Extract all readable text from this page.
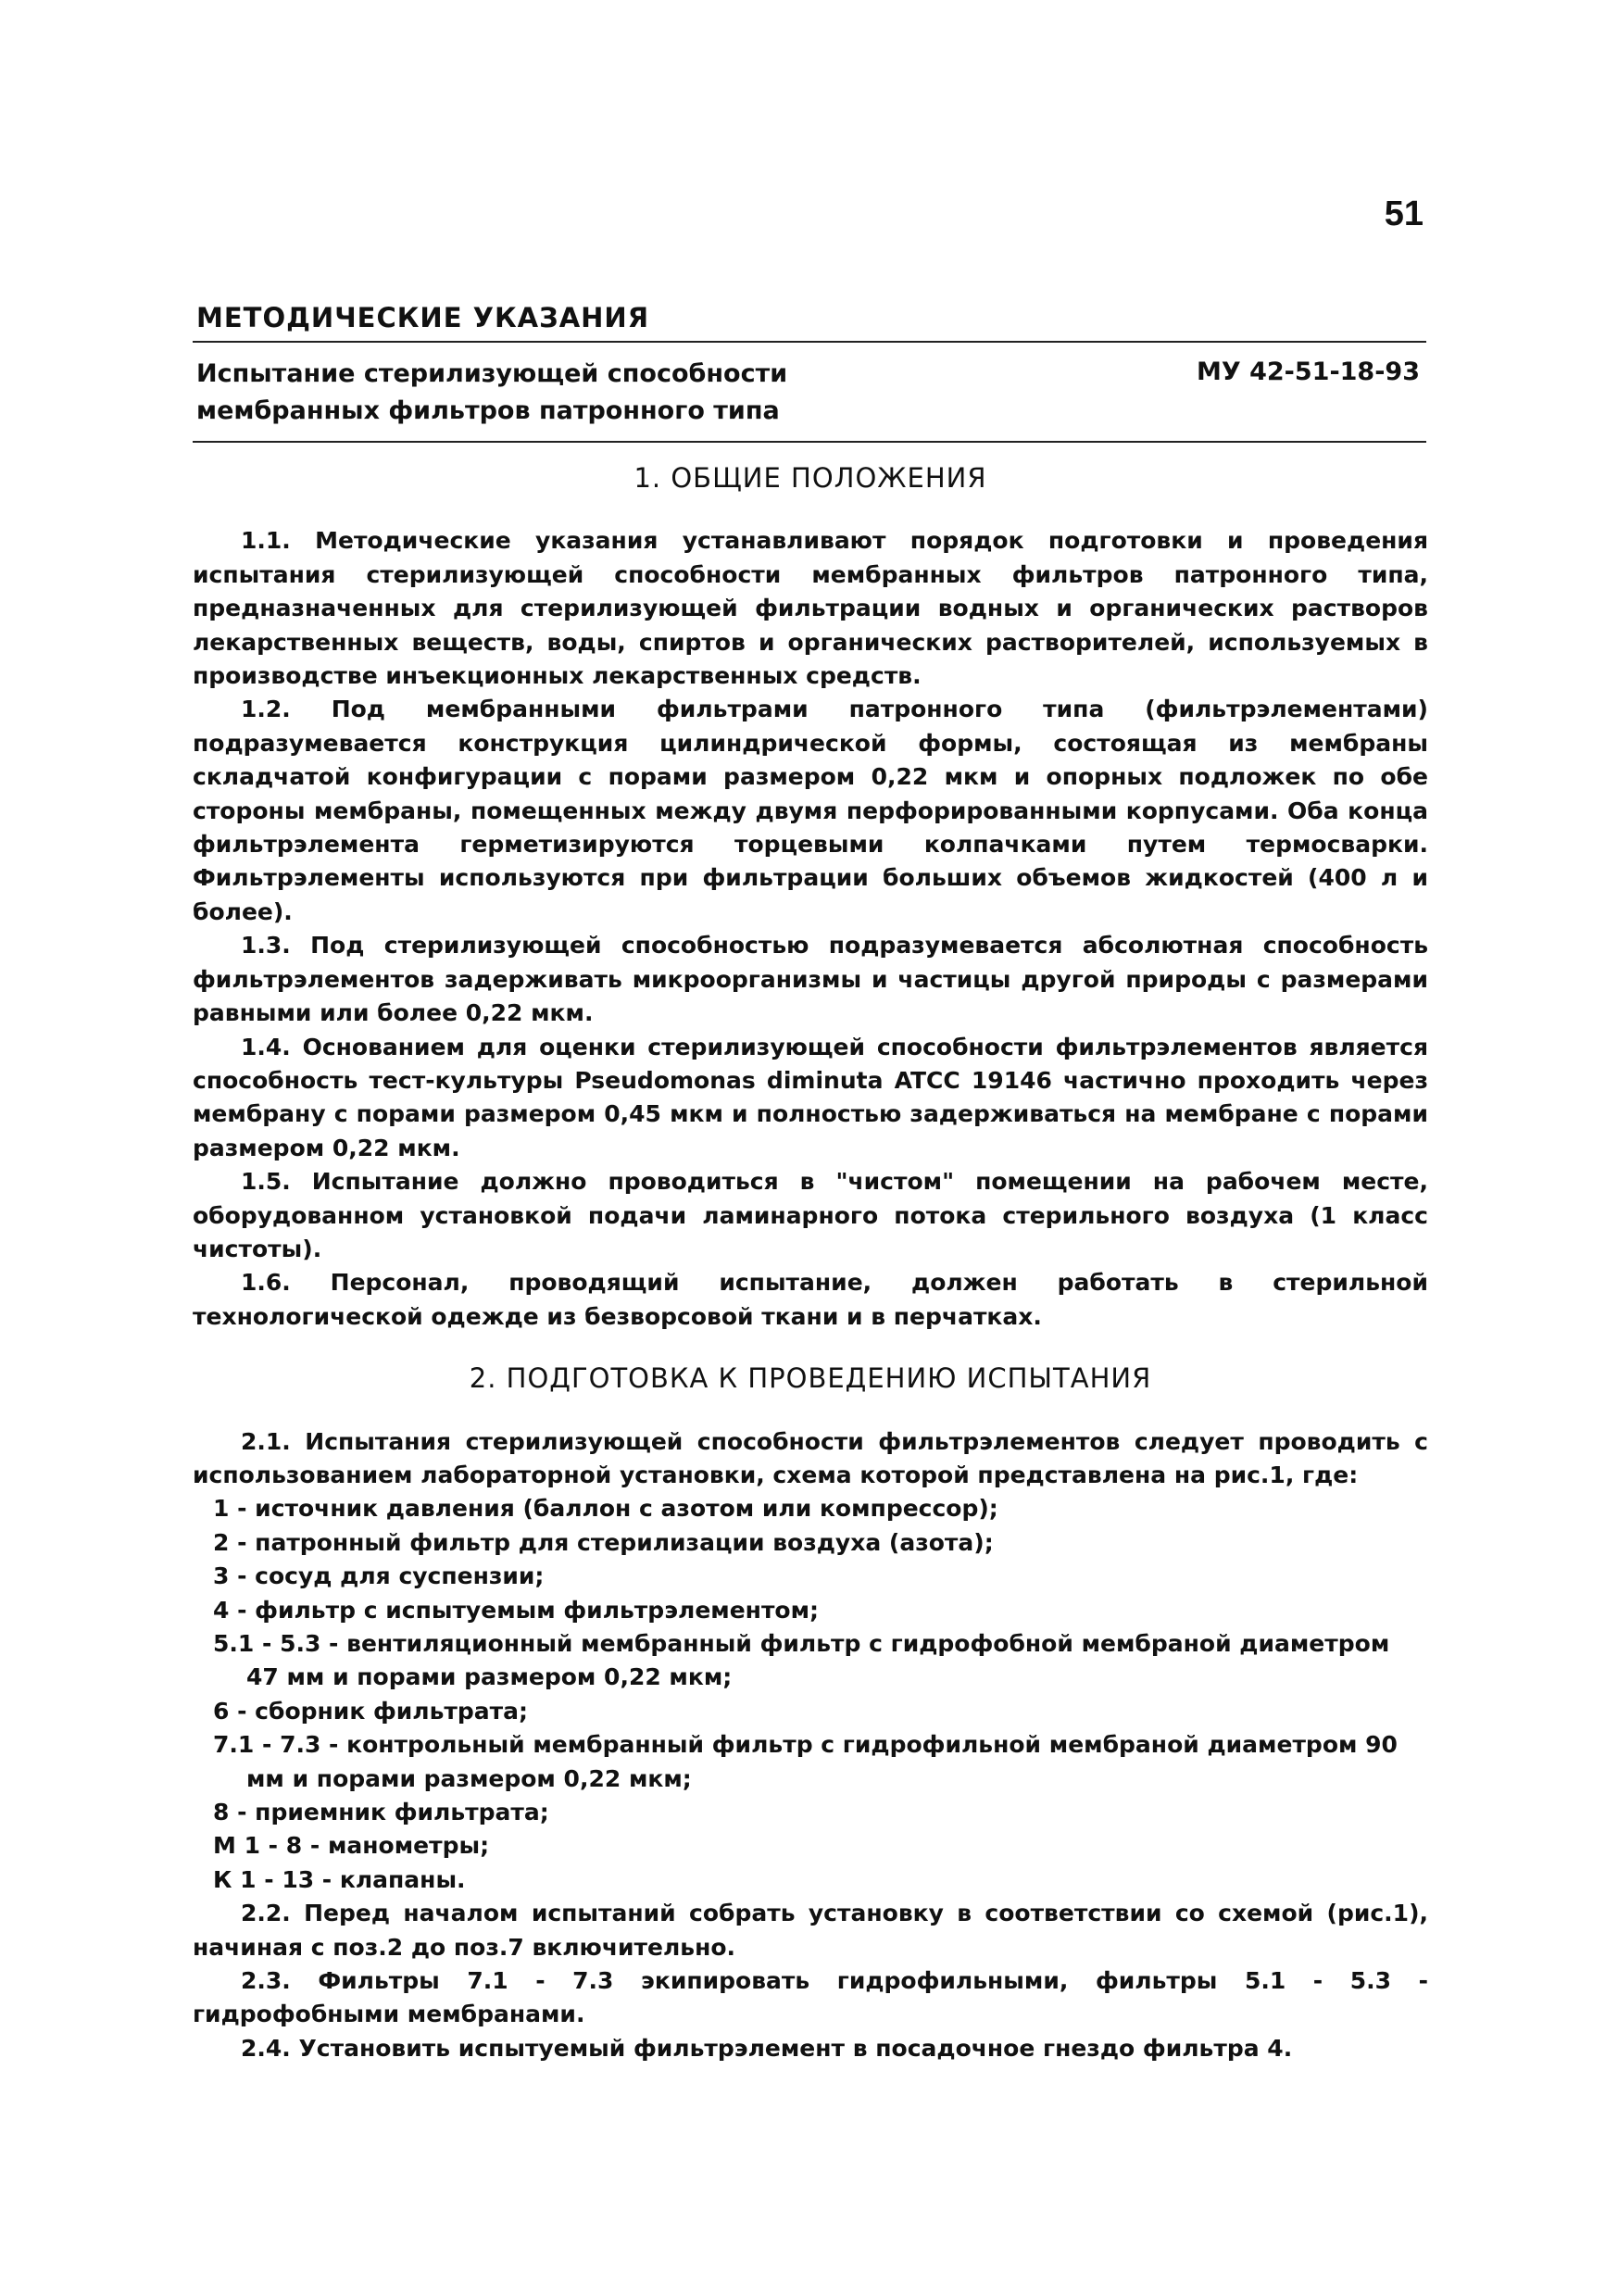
51
МЕТОДИЧЕСКИЕ УКАЗАНИЯ
Испытание стерилизующей способности
мембранных фильтров патронного типа
МУ 42-51-18-93
1. ОБЩИЕ ПОЛОЖЕНИЯ

1.1. Методические указания устанавливают порядок подготовки и проведения испытания стерилизующей способности мембранных фильтров патронного типа, предназначенных для стерилизующей фильтрации водных и органических растворов лекарственных веществ, воды, спиртов и органических растворителей, используемых в производстве инъекционных лекарственных средств.

1.2. Под мембранными фильтрами патронного типа (фильтрэлементами) подразумевается конструкция цилиндрической формы, состоящая из мембраны складчатой конфигурации с порами размером 0,22 мкм и опорных подложек по обе стороны мембраны, помещенных между двумя перфорированными корпусами. Оба конца фильтрэлемента герметизируются торцевыми колпачками путем термосварки. Фильтрэлементы используются при фильтрации больших объемов жидкостей (400 л и более).

1.3. Под стерилизующей способностью подразумевается абсолютная способность фильтрэлементов задерживать микроорганизмы и частицы другой природы с размерами равными или более 0,22 мкм.

1.4. Основанием для оценки стерилизующей способности фильтрэлементов является способность тест-культуры Pseudomonas diminuta ATCC 19146 частично проходить через мембрану с порами размером 0,45 мкм и полностью задерживаться на мембране с порами размером 0,22 мкм.

1.5. Испытание должно проводиться в "чистом" помещении на рабочем месте, оборудованном установкой подачи ламинарного потока стерильного воздуха (1 класс чистоты).

1.6. Персонал, проводящий испытание, должен работать в стерильной технологической одежде из безворсовой ткани и в перчатках.

2. ПОДГОТОВКА К ПРОВЕДЕНИЮ ИСПЫТАНИЯ

2.1. Испытания стерилизующей способности фильтрэлементов следует проводить с использованием лабораторной установки, схема которой представлена на рис.1, где:

1 - источник давления (баллон с азотом или компрессор);
2 - патронный фильтр для стерилизации воздуха (азота);
3 - сосуд для суспензии;
4 - фильтр с испытуемым фильтрэлементом;
5.1 - 5.3 - вентиляционный мембранный фильтр с гидрофобной мембраной диаметром 47 мм и порами размером 0,22 мкм;
6 - сборник фильтрата;
7.1 - 7.3 - контрольный мембранный фильтр с гидрофильной мембраной диаметром 90 мм и порами размером 0,22 мкм;
8 - приемник фильтрата;
М 1 - 8 - манометры;
К 1 - 13 - клапаны.

2.2. Перед началом испытаний собрать установку в соответствии со схемой (рис.1), начиная с поз.2 до поз.7 включительно.

2.3. Фильтры 7.1 - 7.3 экипировать гидрофильными, фильтры 5.1 - 5.3 - гидрофобными мембранами.

2.4. Установить испытуемый фильтрэлемент в посадочное гнездо фильтра 4.
